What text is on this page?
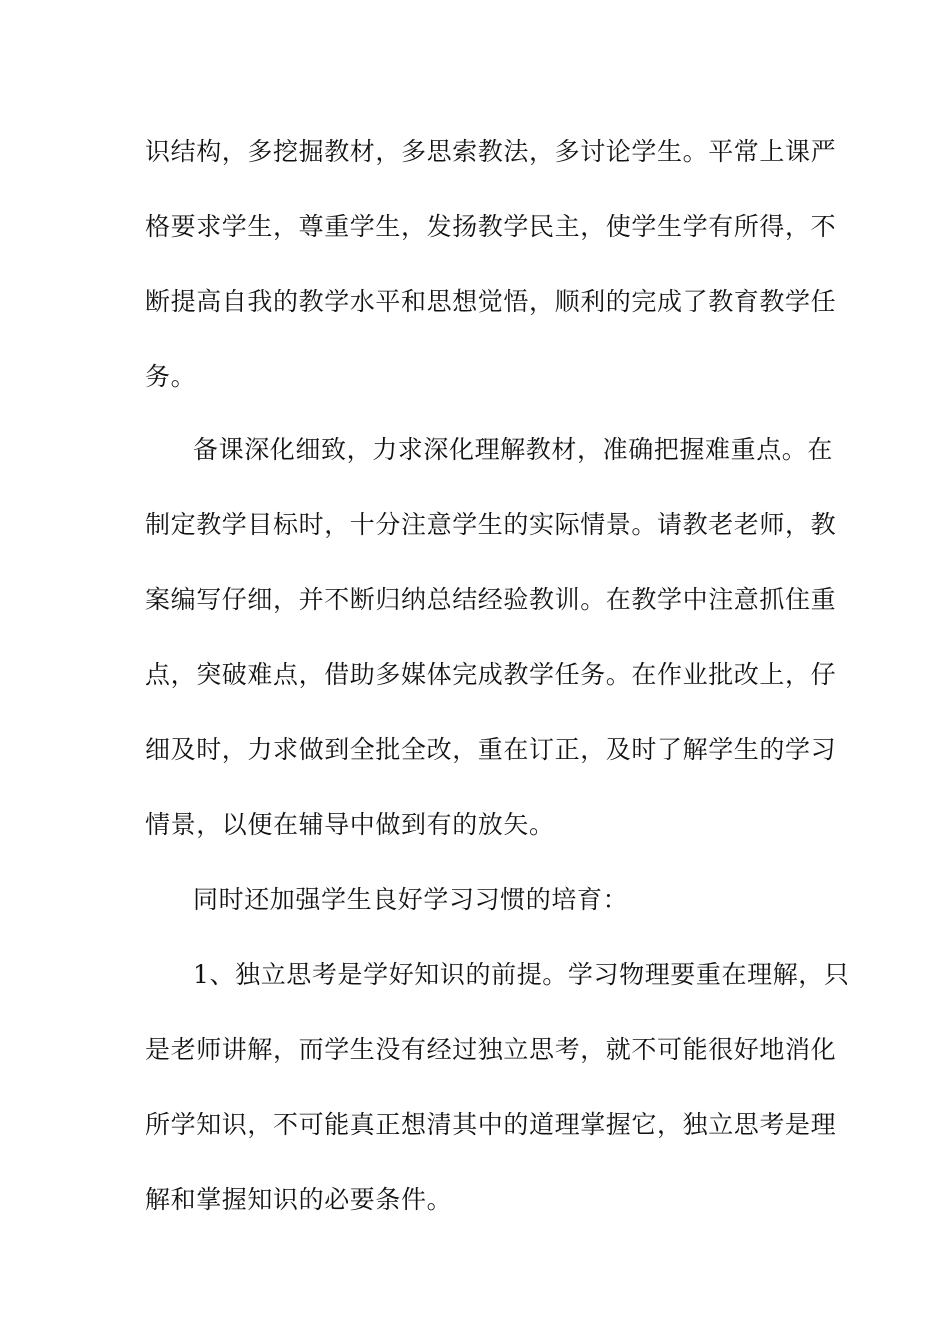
识结构，多挖掘教材，多思索教法，多讨论学生。平常上课严
格要求学生，尊重学生，发扬教学民主，使学生学有所得，不
断提高自我的教学水平和思想觉悟，顺利的完成了教育教学任
务。
备课深化细致，力求深化理解教材，准确把握难重点。在
制定教学目标时，十分注意学生的实际情景。请教老老师，教
案编写仔细，并不断归纳总结经验教训。在教学中注意抓住重
点，突破难点，借助多媒体完成教学任务。在作业批改上，仔
细及时，力求做到全批全改，重在订正，及时了解学生的学习
情景，以便在辅导中做到有的放矢。
同时还加强学生良好学习习惯的培育：
1、独立思考是学好知识的前提。学习物理要重在理解，只
是老师讲解，而学生没有经过独立思考，就不可能很好地消化
所学知识，不可能真正想清其中的道理掌握它，独立思考是理
解和掌握知识的必要条件。
